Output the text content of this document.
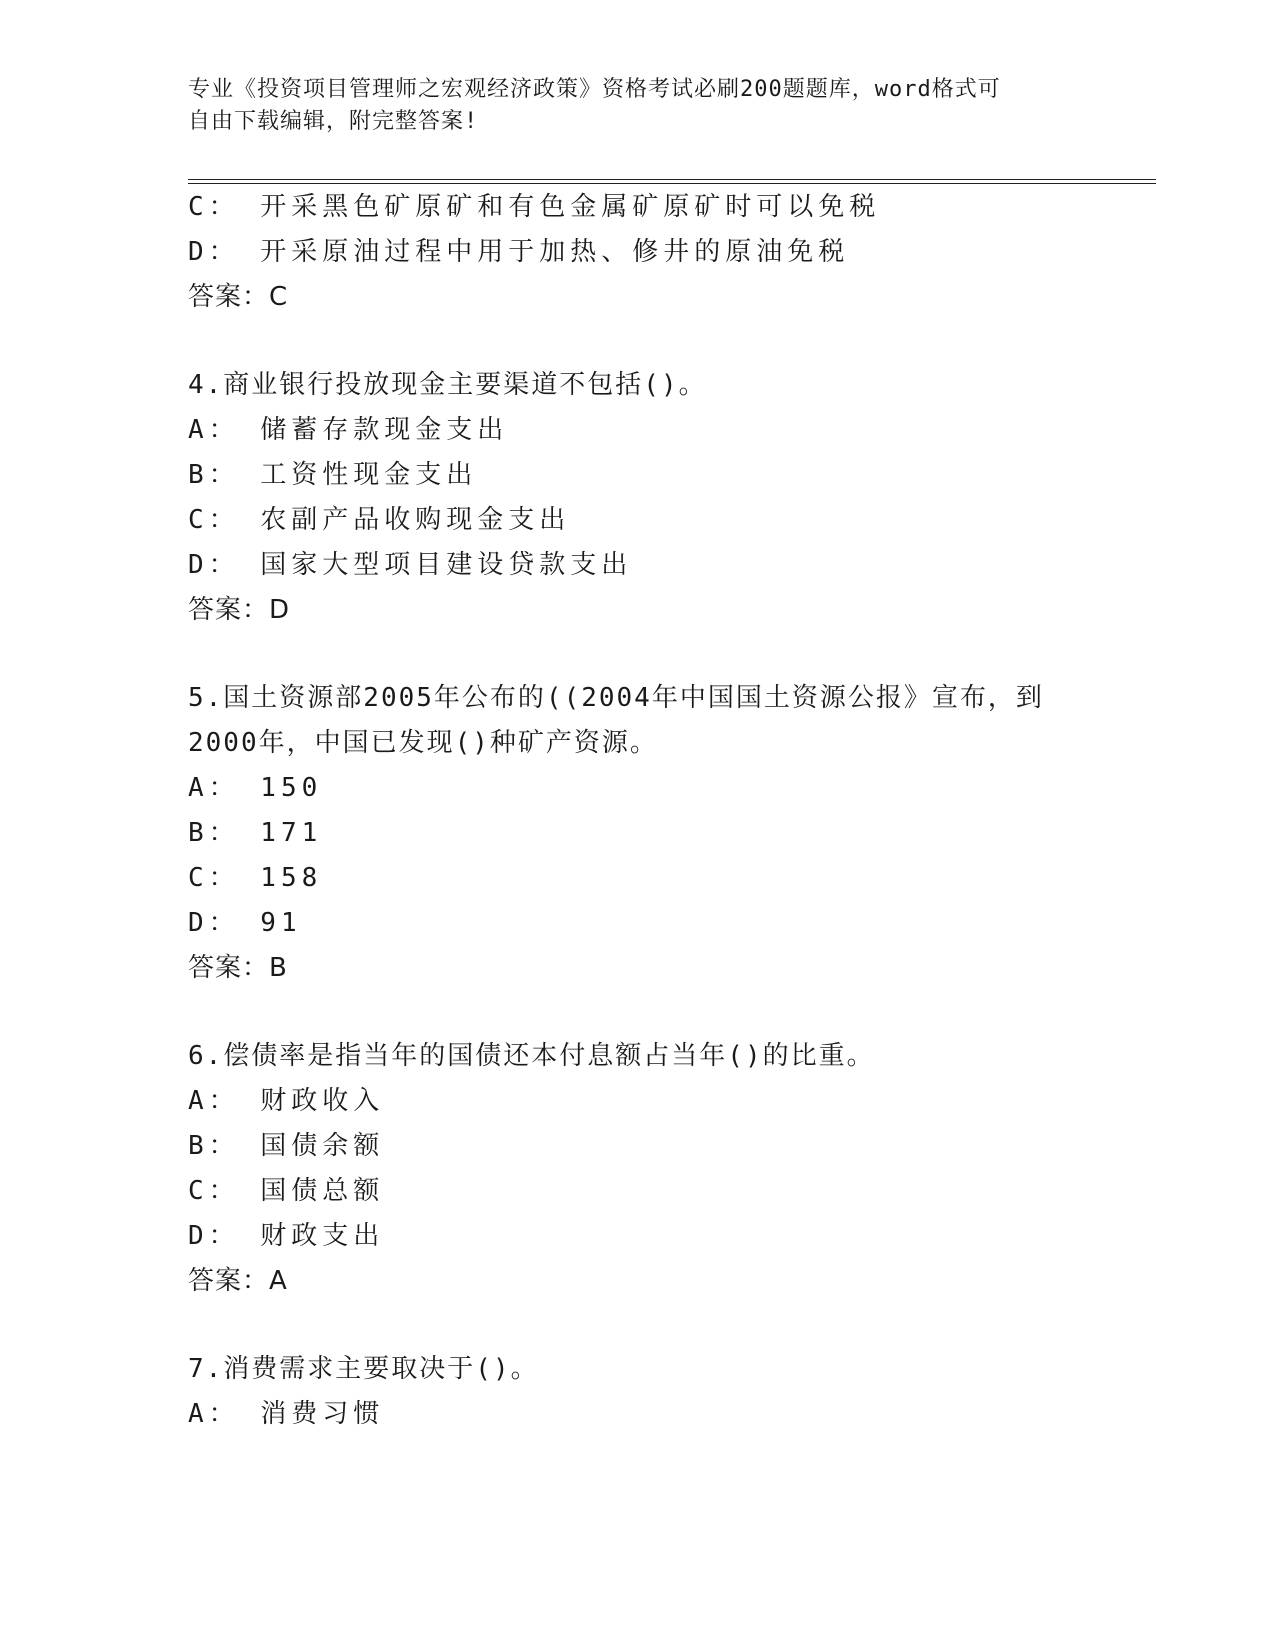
专业《投资项目管理师之宏观经济政策》资格考试必刷200题题库，word格式可
自由下载编辑，附完整答案!
C： 开采黑色矿原矿和有色金属矿原矿时可以免税
D： 开采原油过程中用于加热、修井的原油免税
答案：C
4.商业银行投放现金主要渠道不包括()。
A： 储蓄存款现金支出
B： 工资性现金支出
C： 农副产品收购现金支出
D： 国家大型项目建设贷款支出
答案：D
5.国土资源部2005年公布的((2004年中国国土资源公报》宣布，到
2000年，中国已发现()种矿产资源。
A： 150
B： 171
C： 158
D： 91
答案：B
6.偿债率是指当年的国债还本付息额占当年()的比重。
A： 财政收入
B： 国债余额
C： 国债总额
D： 财政支出
答案：A
7.消费需求主要取决于()。
A： 消费习惯
